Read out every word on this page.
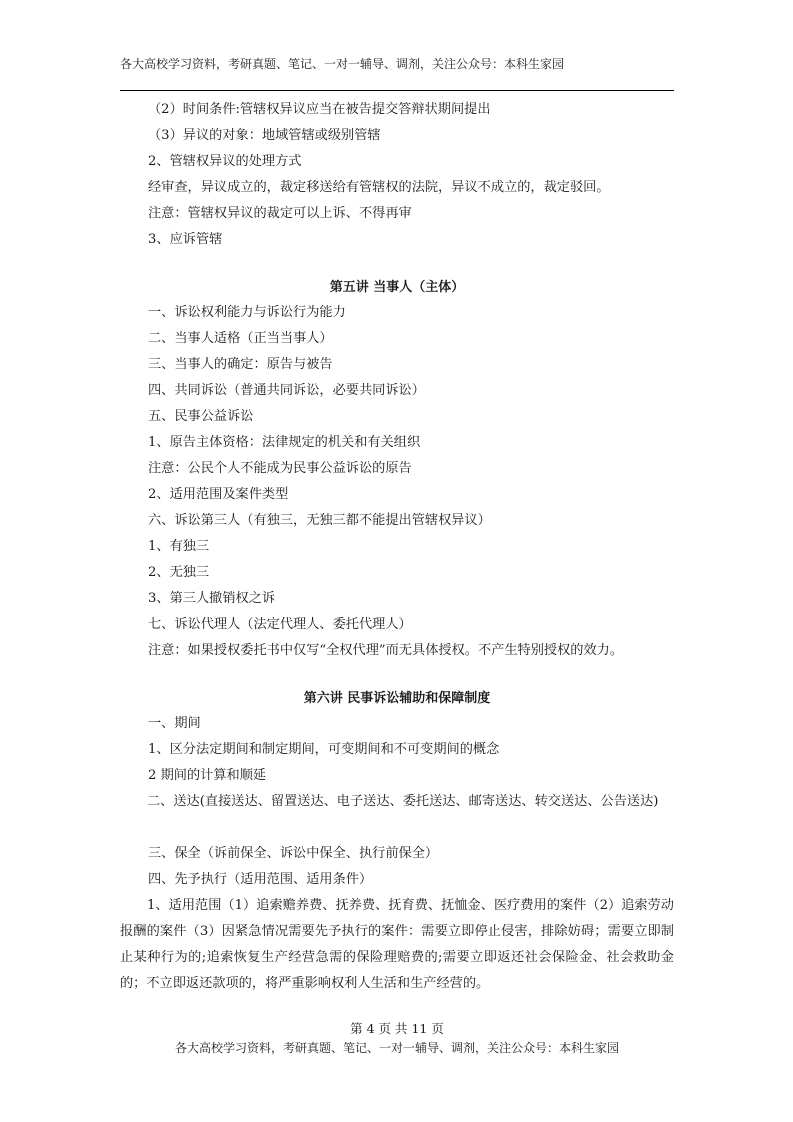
各大高校学习资料，考研真题、笔记、一对一辅导、调剂，关注公众号：本科生家园
（2）时间条件:管辖权异议应当在被告提交答辩状期间提出
（3）异议的对象：地域管辖或级别管辖
2、管辖权异议的处理方式
经审查，异议成立的，裁定移送给有管辖权的法院，异议不成立的，裁定驳回。
注意：管辖权异议的裁定可以上诉、不得再审
3、应诉管辖
第五讲 当事人（主体）
一、诉讼权利能力与诉讼行为能力
二、当事人适格（正当当事人）
三、当事人的确定：原告与被告
四、共同诉讼（普通共同诉讼，必要共同诉讼）
五、民事公益诉讼
1、原告主体资格：法律规定的机关和有关组织
注意：公民个人不能成为民事公益诉讼的原告
2、适用范围及案件类型
六、诉讼第三人（有独三，无独三都不能提出管辖权异议）
1、有独三
2、无独三
3、第三人撤销权之诉
七、诉讼代理人（法定代理人、委托代理人）
注意：如果授权委托书中仅写“全权代理”而无具体授权。不产生特别授权的效力。
第六讲 民事诉讼辅助和保障制度
一、期间
1、区分法定期间和制定期间，可变期间和不可变期间的概念
2 期间的计算和顺延
二、送达(直接送达、留置送达、电子送达、委托送达、邮寄送达、转交送达、公告送达)
三、保全（诉前保全、诉讼中保全、执行前保全）
四、先予执行（适用范围、适用条件）
1、适用范围（1）追索赡养费、抚养费、抚育费、抚恤金、医疗费用的案件（2）追索劳动报酬的案件（3）因紧急情况需要先予执行的案件：需要立即停止侵害，排除妨碍；需要立即制止某种行为的;追索恢复生产经营急需的保险理赔费的;需要立即返还社会保险金、社会救助金的；不立即返还款项的，将严重影响权利人生活和生产经营的。
第 4 页 共 11 页
各大高校学习资料，考研真题、笔记、一对一辅导、调剂，关注公众号：本科生家园
